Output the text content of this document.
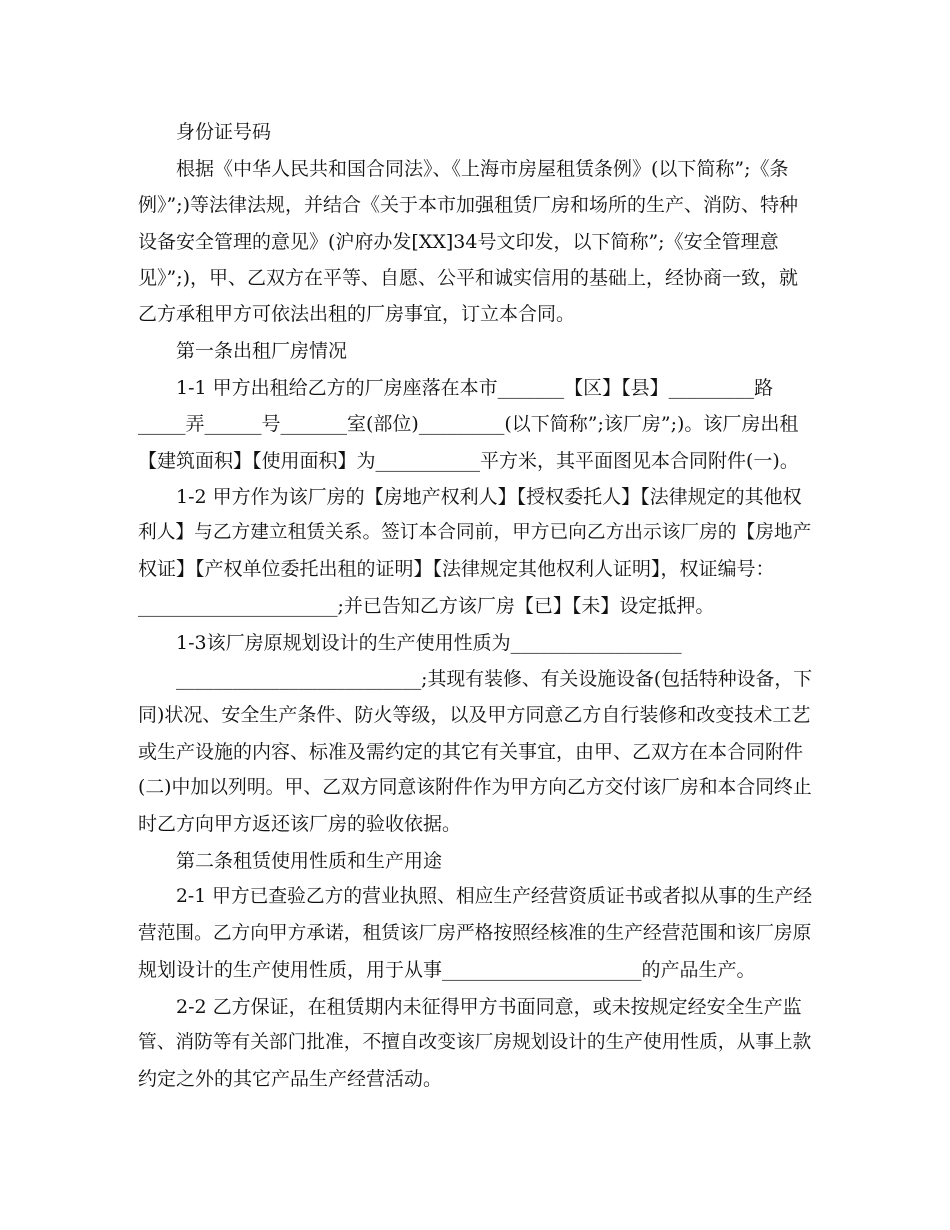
身份证号码
根据《中华人民共和国合同法》、《上海市房屋租赁条例》(以下简称”;《条
例》”;)等法律法规，并结合《关于本市加强租赁厂房和场所的生产、消防、特种
设备安全管理的意见》(沪府办发[XX]34号文印发，以下简称”;《安全管理意
见》”;)，甲、乙双方在平等、自愿、公平和诚实信用的基础上，经协商一致，就
乙方承租甲方可依法出租的厂房事宜，订立本合同。
第一条出租厂房情况
1-1 甲方出租给乙方的厂房座落在本市_______【区】【县】_________路
_____弄______号_______室(部位)_________(以下简称”;该厂房”;)。该厂房出租
【建筑面积】【使用面积】为___________平方米，其平面图见本合同附件(一)。
1-2 甲方作为该厂房的【房地产权利人】【授权委托人】【法律规定的其他权
利人】与乙方建立租赁关系。签订本合同前，甲方已向乙方出示该厂房的【房地产
权证】【产权单位委托出租的证明】【法律规定其他权利人证明】，权证编号：
_____________________;并已告知乙方该厂房【已】【未】设定抵押。
1-3该厂房原规划设计的生产使用性质为__________________
__________________________;其现有装修、有关设施设备(包括特种设备，下
同)状况、安全生产条件、防火等级，以及甲方同意乙方自行装修和改变技术工艺
或生产设施的内容、标准及需约定的其它有关事宜，由甲、乙双方在本合同附件
(二)中加以列明。甲、乙双方同意该附件作为甲方向乙方交付该厂房和本合同终止
时乙方向甲方返还该厂房的验收依据。
第二条租赁使用性质和生产用途
2-1 甲方已查验乙方的营业执照、相应生产经营资质证书或者拟从事的生产经
营范围。乙方向甲方承诺，租赁该厂房严格按照经核准的生产经营范围和该厂房原
规划设计的生产使用性质，用于从事_____________________的产品生产。
2-2 乙方保证，在租赁期内未征得甲方书面同意，或未按规定经安全生产监
管、消防等有关部门批准，不擅自改变该厂房规划设计的生产使用性质，从事上款
约定之外的其它产品生产经营活动。
